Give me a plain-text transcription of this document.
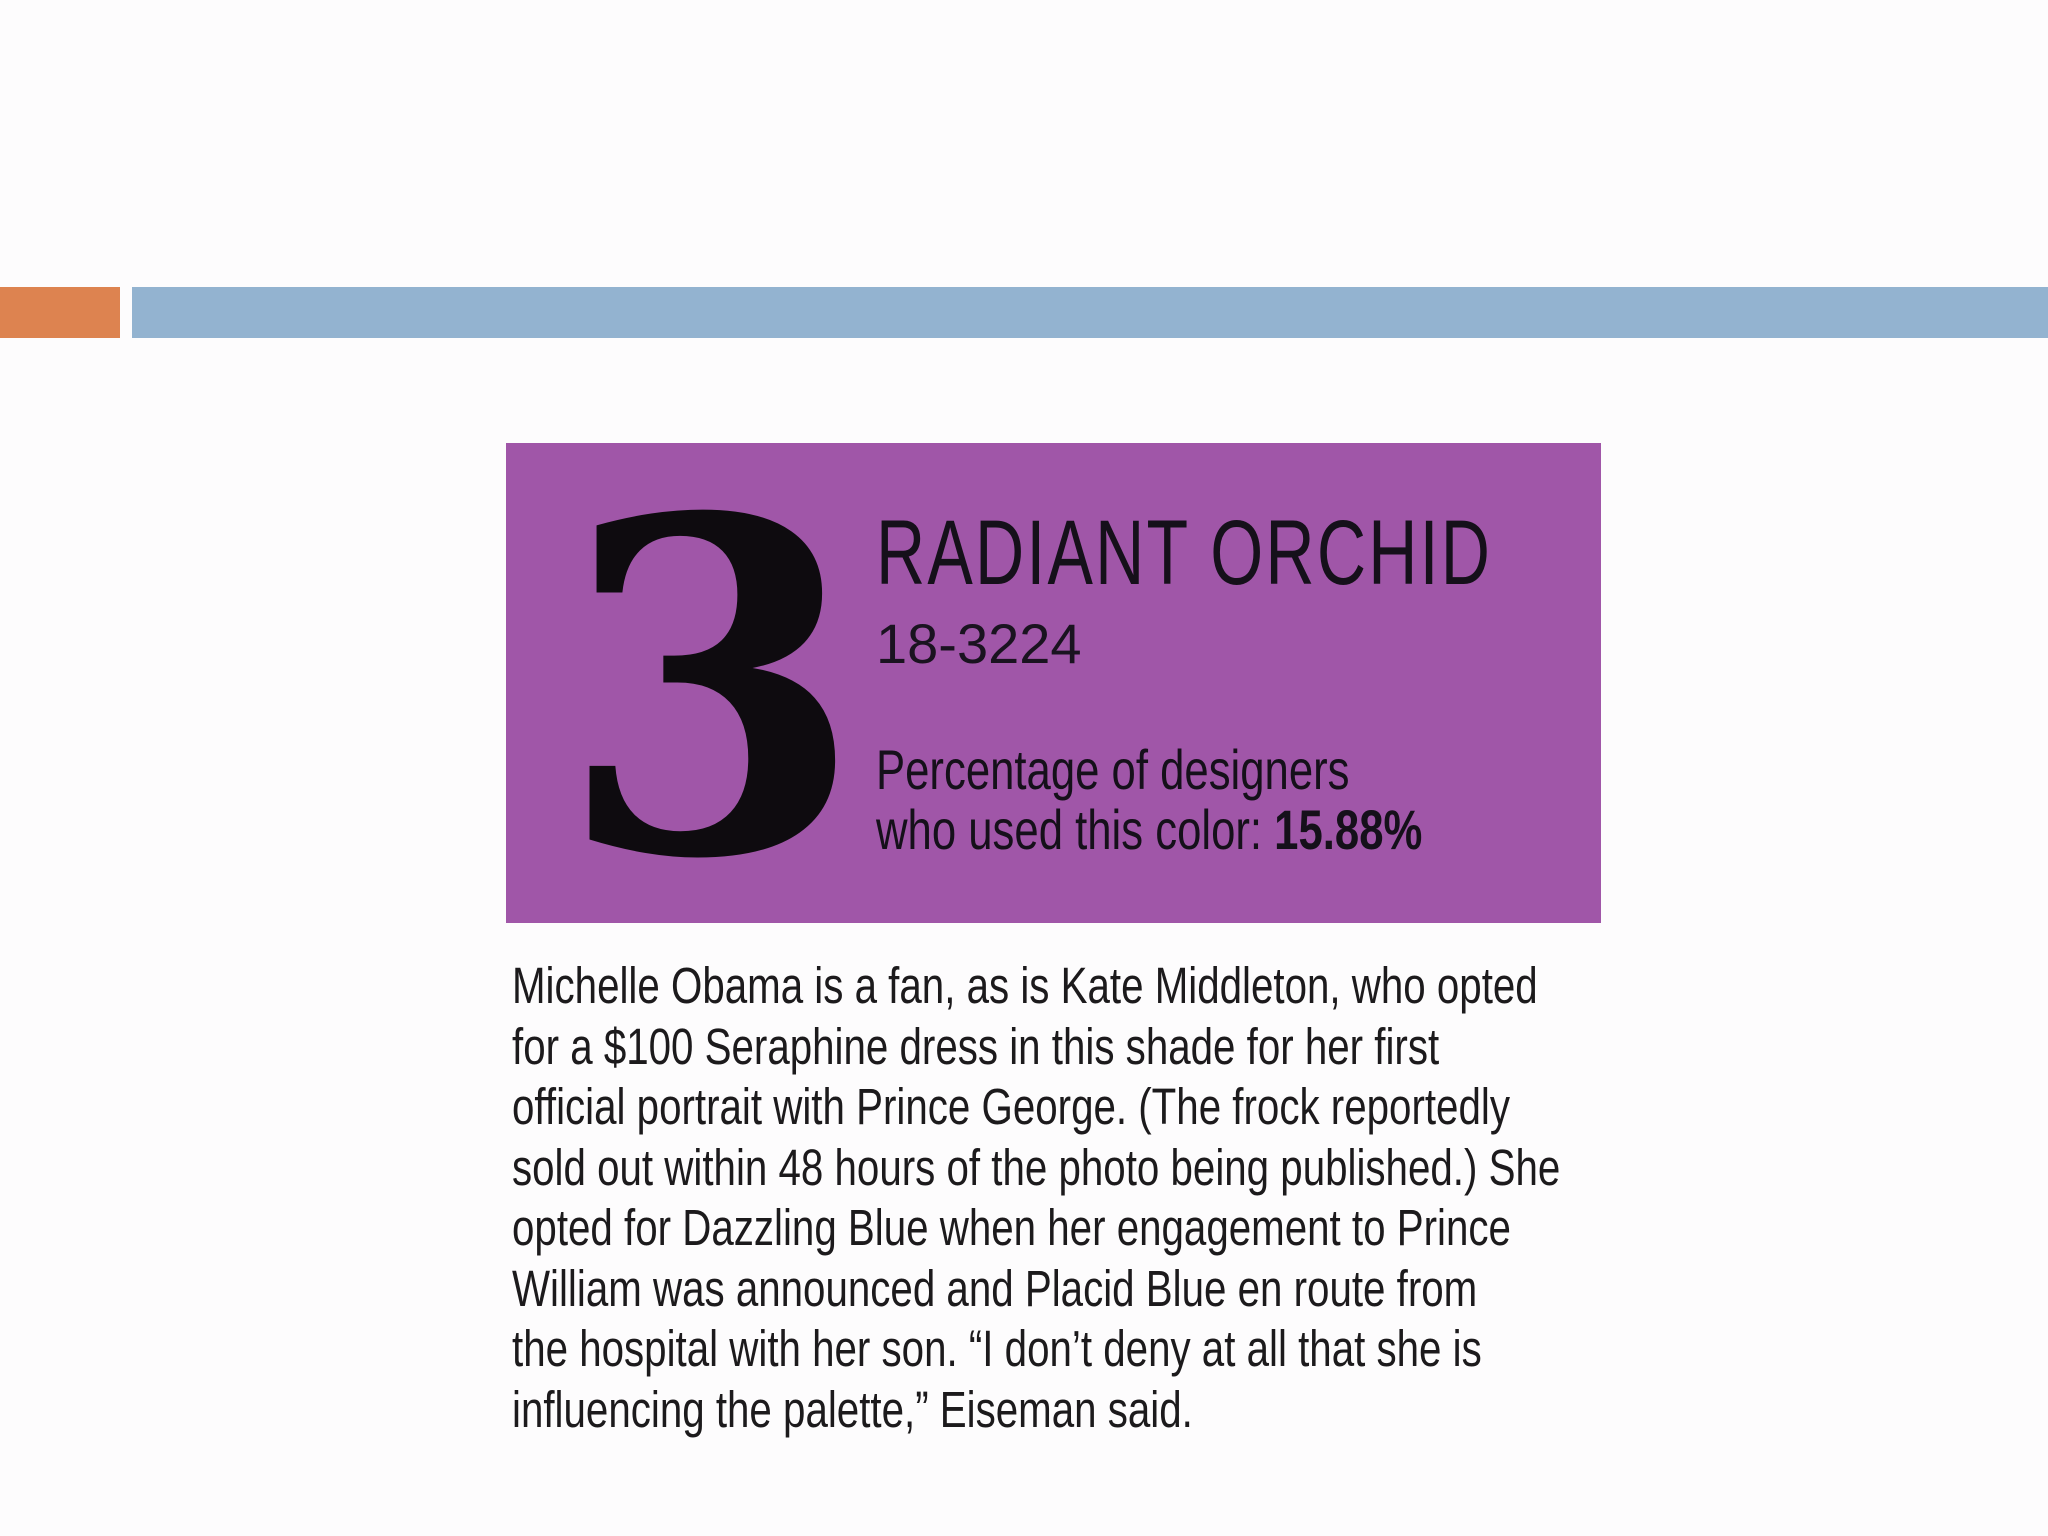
3 RADIANT ORCHID
18-3224
Percentage of designers
who used this color: 15.88%
Michelle Obama is a fan, as is Kate Middleton, who opted
for a $100 Seraphine dress in this shade for her first
official portrait with Prince George. (The frock reportedly
sold out within 48 hours of the photo being published.) She
opted for Dazzling Blue when her engagement to Prince
William was announced and Placid Blue en route from
the hospital with her son. “I don’t deny at all that she is
influencing the palette,” Eiseman said.
